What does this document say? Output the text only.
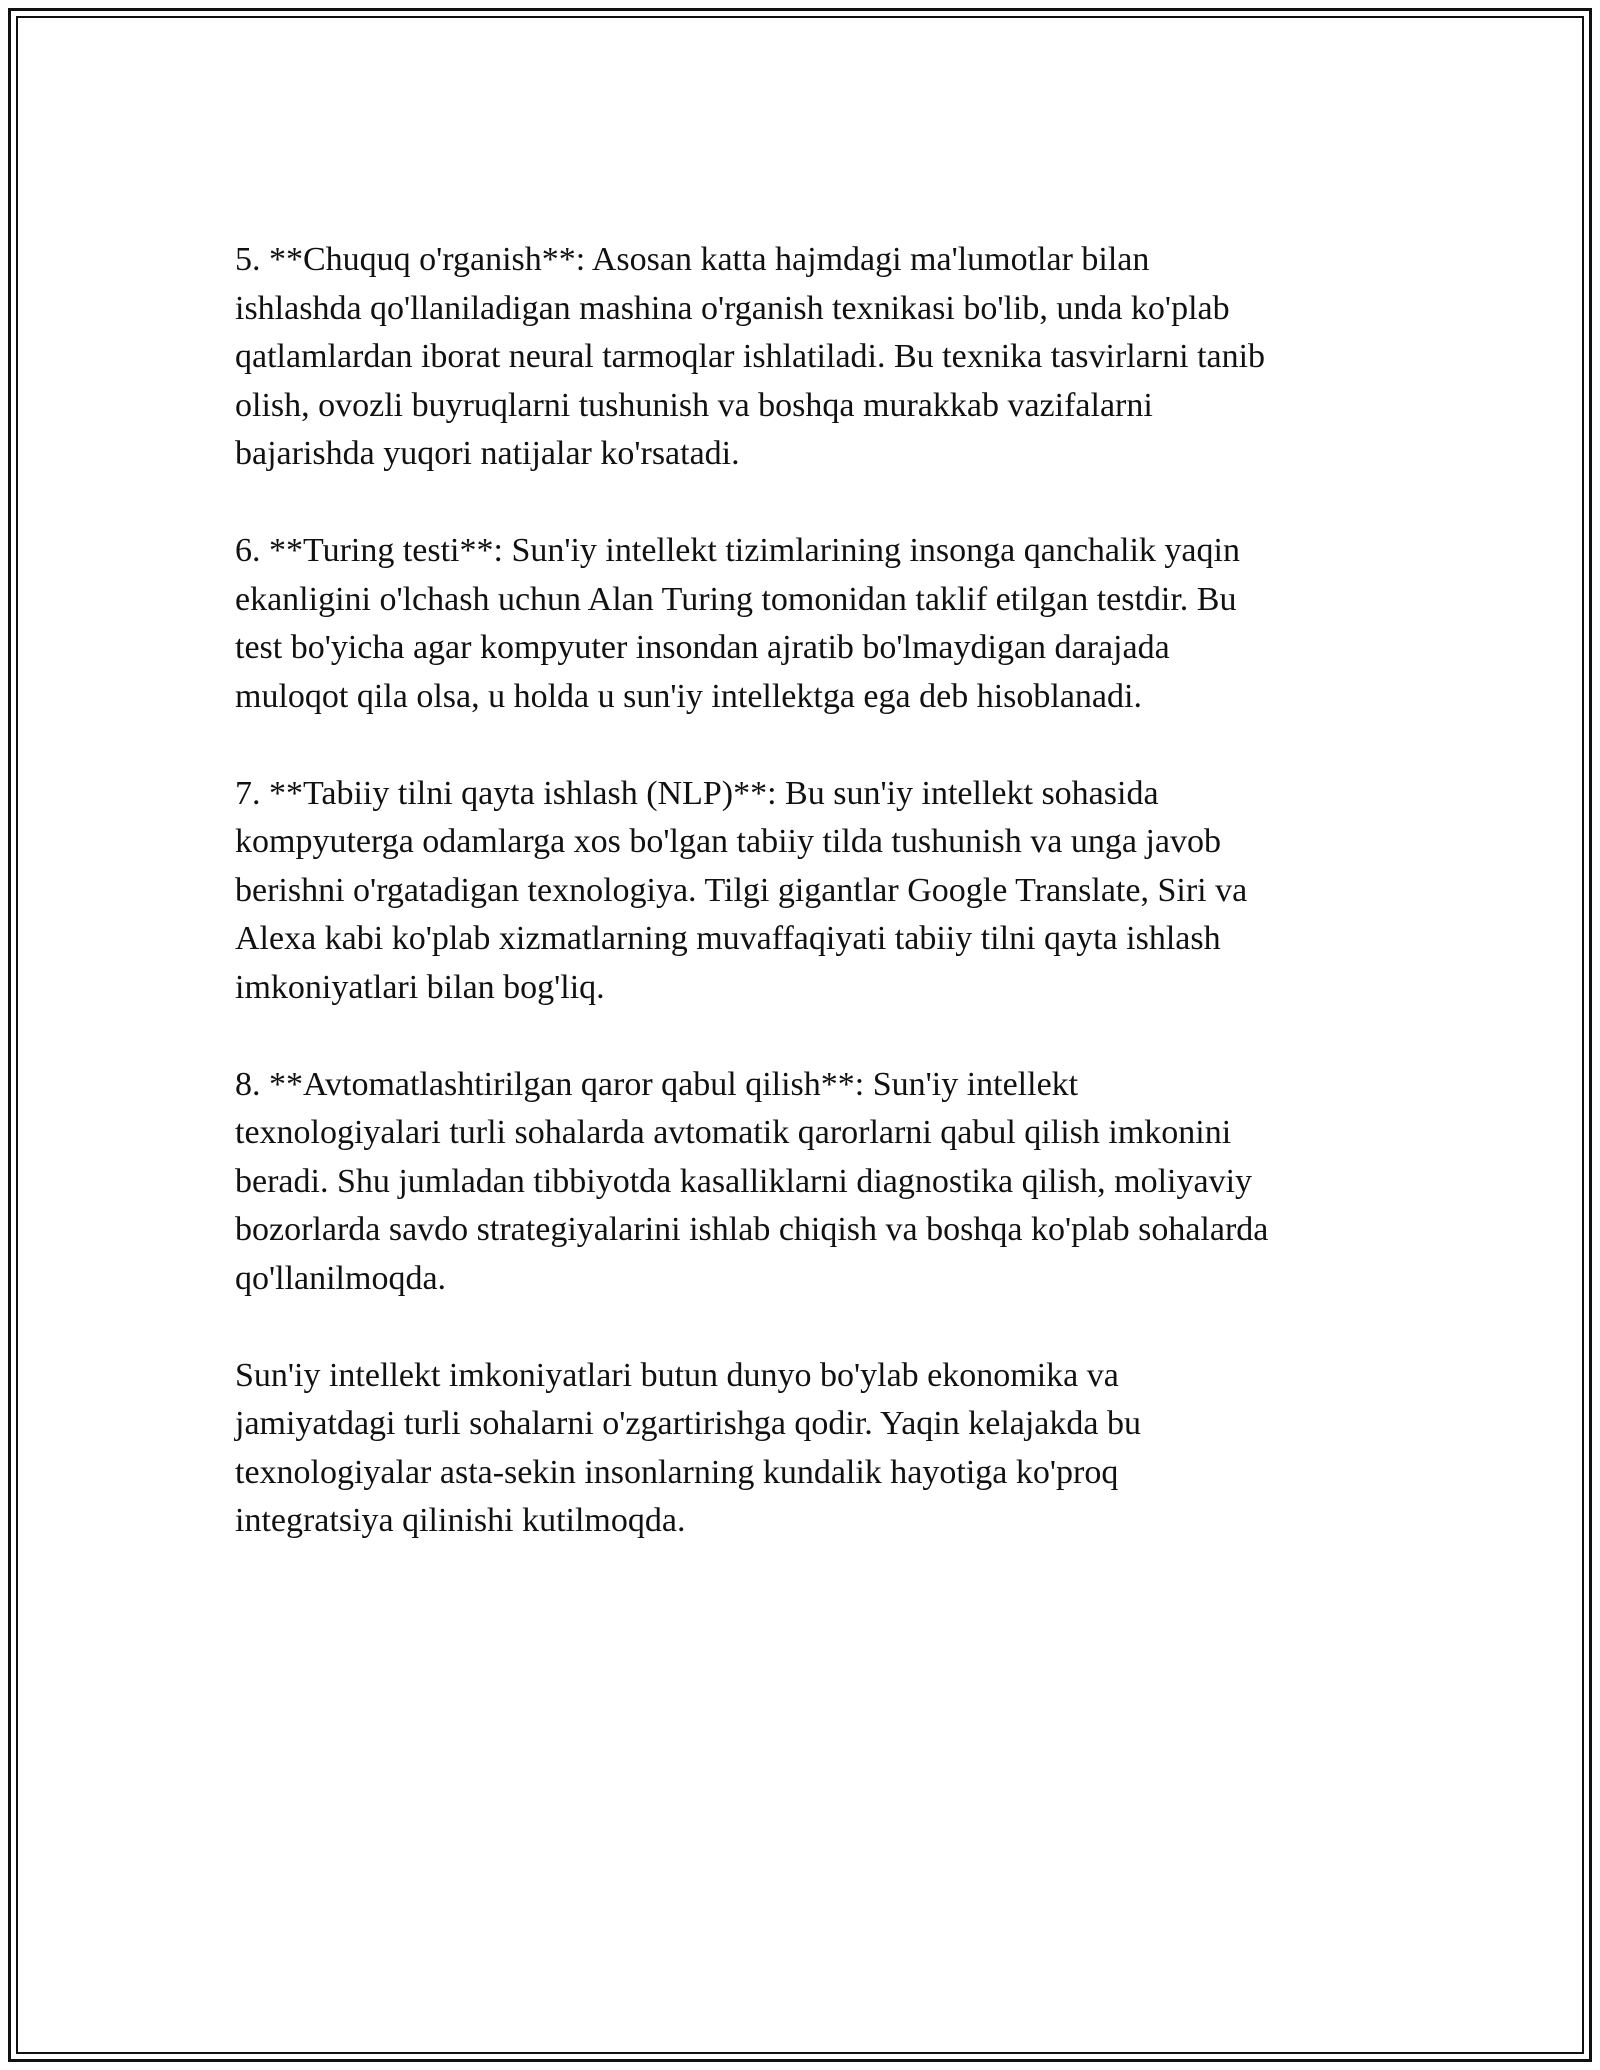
5. **Chuquq o'rganish**: Asosan katta hajmdagi ma'lumotlar bilan
ishlashda qo'llaniladigan mashina o'rganish texnikasi bo'lib, unda ko'plab
qatlamlardan iborat neural tarmoqlar ishlatiladi. Bu texnika tasvirlarni tanib
olish, ovozli buyruqlarni tushunish va boshqa murakkab vazifalarni
bajarishda yuqori natijalar ko'rsatadi.

6. **Turing testi**: Sun'iy intellekt tizimlarining insonga qanchalik yaqin
ekanligini o'lchash uchun Alan Turing tomonidan taklif etilgan testdir. Bu
test bo'yicha agar kompyuter insondan ajratib bo'lmaydigan darajada
muloqot qila olsa, u holda u sun'iy intellektga ega deb hisoblanadi.

7. **Tabiiy tilni qayta ishlash (NLP)**: Bu sun'iy intellekt sohasida
kompyuterga odamlarga xos bo'lgan tabiiy tilda tushunish va unga javob
berishni o'rgatadigan texnologiya. Tilgi gigantlar Google Translate, Siri va
Alexa kabi ko'plab xizmatlarning muvaffaqiyati tabiiy tilni qayta ishlash
imkoniyatlari bilan bog'liq.

8. **Avtomatlashtirilgan qaror qabul qilish**: Sun'iy intellekt
texnologiyalari turli sohalarda avtomatik qarorlarni qabul qilish imkonini
beradi. Shu jumladan tibbiyotda kasalliklarni diagnostika qilish, moliyaviy
bozorlarda savdo strategiyalarini ishlab chiqish va boshqa ko'plab sohalarda
qo'llanilmoqda.

Sun'iy intellekt imkoniyatlari butun dunyo bo'ylab ekonomika va
jamiyatdagi turli sohalarni o'zgartirishga qodir. Yaqin kelajakda bu
texnologiyalar asta-sekin insonlarning kundalik hayotiga ko'proq
integratsiya qilinishi kutilmoqda.
